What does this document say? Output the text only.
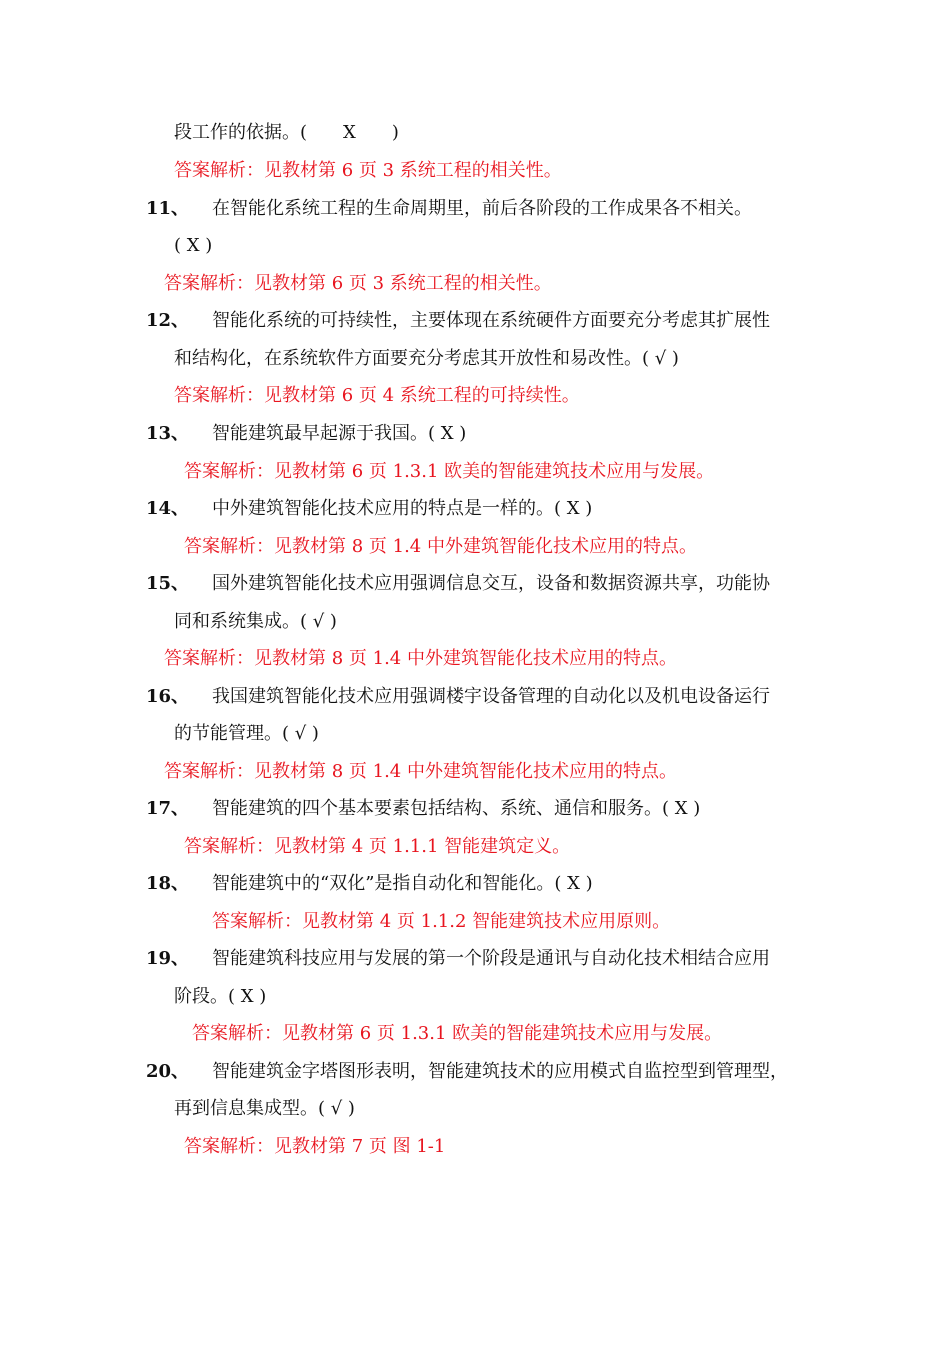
段工作的依据。(　　X　　)
答案解析：见教材第 6 页 3 系统工程的相关性。
11、 在智能化系统工程的生命周期里，前后各阶段的工作成果各不相关。
( X )
答案解析：见教材第 6 页 3 系统工程的相关性。
12、 智能化系统的可持续性，主要体现在系统硬件方面要充分考虑其扩展性
和结构化，在系统软件方面要充分考虑其开放性和易改性。( √ )
答案解析：见教材第 6 页 4 系统工程的可持续性。
13、 智能建筑最早起源于我国。( X )
答案解析：见教材第 6 页 1.3.1 欧美的智能建筑技术应用与发展。
14、 中外建筑智能化技术应用的特点是一样的。( X )
答案解析：见教材第 8 页 1.4 中外建筑智能化技术应用的特点。
15、 国外建筑智能化技术应用强调信息交互，设备和数据资源共享，功能协
同和系统集成。( √ )
答案解析：见教材第 8 页 1.4 中外建筑智能化技术应用的特点。
16、 我国建筑智能化技术应用强调楼宇设备管理的自动化以及机电设备运行
的节能管理。( √ )
答案解析：见教材第 8 页 1.4 中外建筑智能化技术应用的特点。
17、 智能建筑的四个基本要素包括结构、系统、通信和服务。( X )
答案解析：见教材第 4 页 1.1.1 智能建筑定义。
18、 智能建筑中的“双化”是指自动化和智能化。( X )
答案解析：见教材第 4 页 1.1.2 智能建筑技术应用原则。
19、 智能建筑科技应用与发展的第一个阶段是通讯与自动化技术相结合应用
阶段。( X )
答案解析：见教材第 6 页 1.3.1 欧美的智能建筑技术应用与发展。
20、 智能建筑金字塔图形表明，智能建筑技术的应用模式自监控型到管理型，
再到信息集成型。( √ )
答案解析：见教材第 7 页 图 1-1
